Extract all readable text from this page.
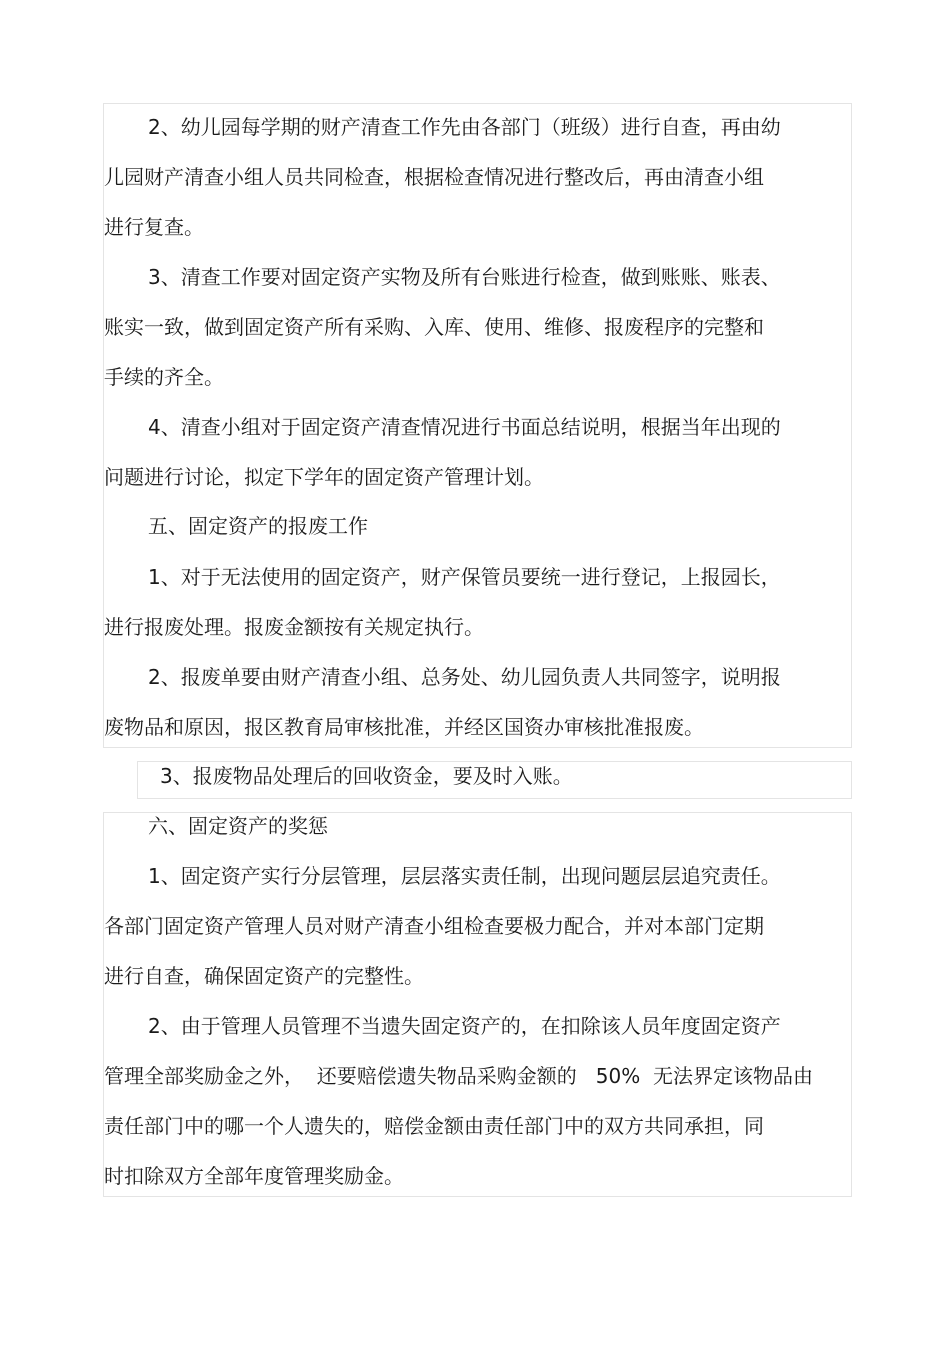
2、幼儿园每学期的财产清查工作先由各部门（班级）进行自查，再由幼
儿园财产清查小组人员共同检查，根据检查情况进行整改后，再由清查小组
进行复查。
3、清查工作要对固定资产实物及所有台账进行检查，做到账账、账表、
账实一致，做到固定资产所有采购、入库、使用、维修、报废程序的完整和
手续的齐全。
4、清查小组对于固定资产清查情况进行书面总结说明，根据当年出现的
问题进行讨论，拟定下学年的固定资产管理计划。
五、固定资产的报废工作
1、对于无法使用的固定资产，财产保管员要统一进行登记，上报园长，
进行报废处理。报废金额按有关规定执行。
2、报废单要由财产清查小组、总务处、幼儿园负责人共同签字，说明报
废物品和原因，报区教育局审核批准，并经区国资办审核批准报废。
3、报废物品处理后的回收资金，要及时入账。
六、固定资产的奖惩
1、固定资产实行分层管理，层层落实责任制，出现问题层层追究责任。
各部门固定资产管理人员对财产清查小组检查要极力配合，并对本部门定期
进行自查，确保固定资产的完整性。
2、由于管理人员管理不当遗失固定资产的，在扣除该人员年度固定资产
管理全部奖励金之外，  还要赔偿遗失物品采购金额的   50%  无法界定该物品由
责任部门中的哪一个人遗失的，赔偿金额由责任部门中的双方共同承担，同
时扣除双方全部年度管理奖励金。
